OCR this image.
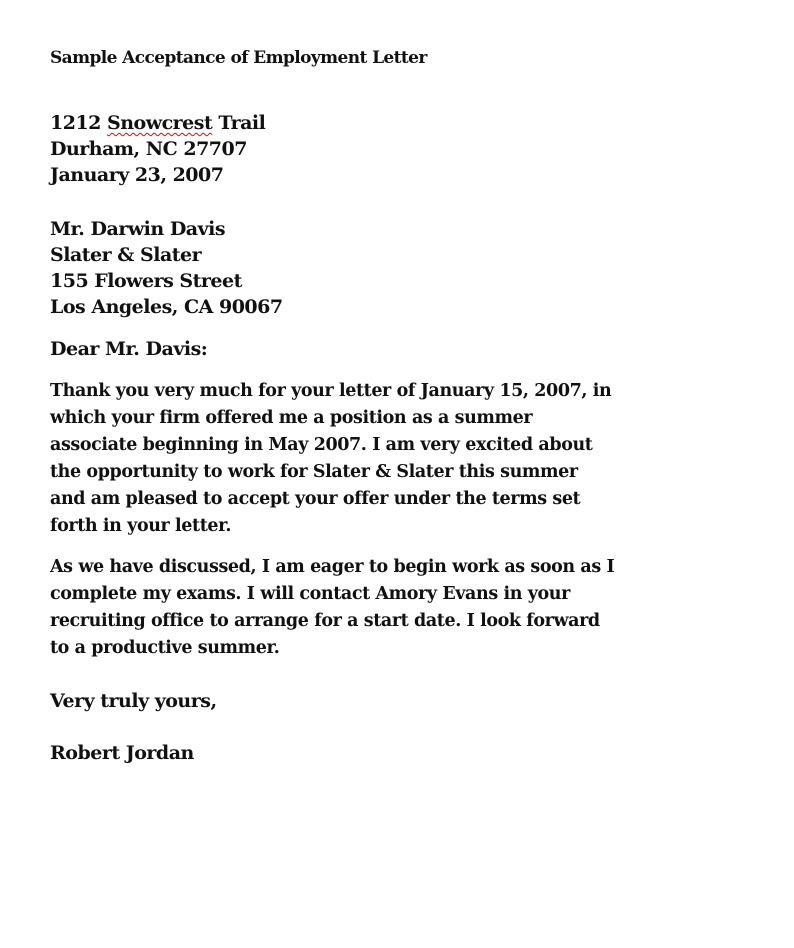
Sample Acceptance of Employment Letter

1212 Snowcrest Trail
Durham, NC 27707
January 23, 2007
Mr. Darwin Davis
Slater & Slater
155 Flowers Street
Los Angeles, CA 90067
Dear Mr. Davis:
Thank you very much for your letter of January 15, 2007, in
which your firm offered me a position as a summer
associate beginning in May 2007. I am very excited about
the opportunity to work for Slater & Slater this summer
and am pleased to accept your offer under the terms set
forth in your letter.
As we have discussed, I am eager to begin work as soon as I
complete my exams. I will contact Amory Evans in your
recruiting office to arrange for a start date. I look forward
to a productive summer.
Very truly yours,
Robert Jordan
